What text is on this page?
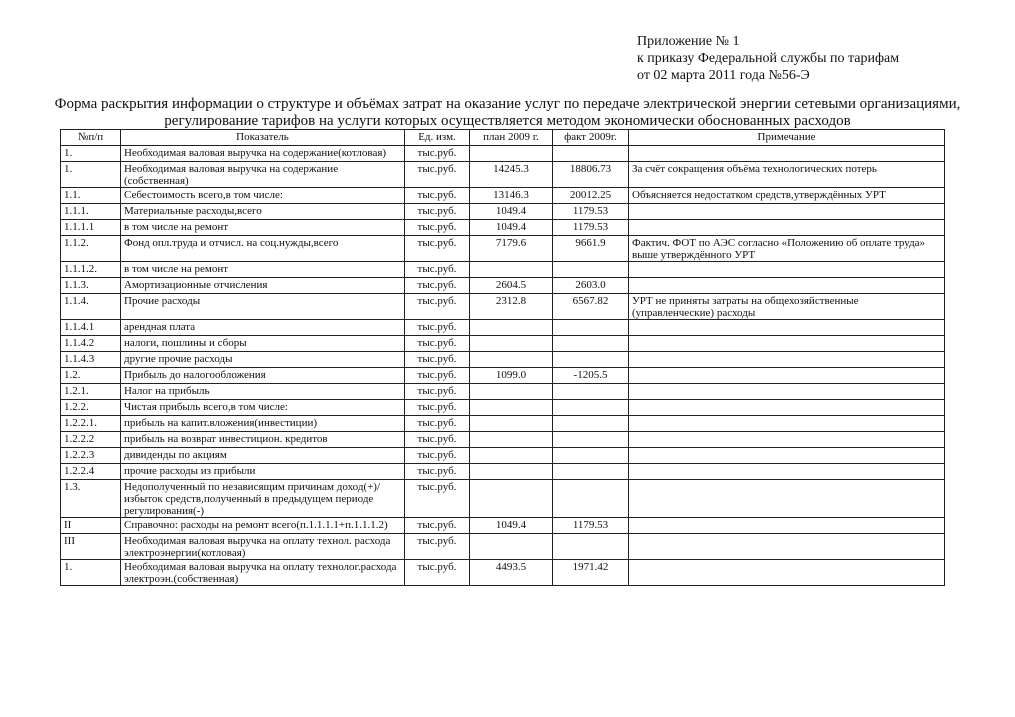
Приложение № 1
к приказу Федеральной службы по тарифам
от 02 марта 2011 года №56-Э
Форма раскрытия информации о структуре и объёмах затрат на оказание услуг по передаче электрической энергии сетевыми организациями,
регулирование тарифов на услуги которых осуществляется методом экономически обоснованных расходов
№п/п	Показатель	Ед. изм.	план 2009 г.	факт 2009г.	Примечание
1.	Необходимая валовая выручка на содержание(котловая)	тыс.руб.			
1.	Необходимая валовая выручка на содержание (собственная)	тыс.руб.	14245.3	18806.73	За счёт сокращения объёма технологических потерь
1.1.	Себестоимость всего,в том числе:	тыс.руб.	13146.3	20012.25	Объясняется недостатком средств,утверждённых УРТ
1.1.1.	Материальные расходы,всего	тыс.руб.	1049.4	1179.53	
1.1.1.1	в том числе на ремонт	тыс.руб.	1049.4	1179.53	
1.1.2.	Фонд опл.труда и отчисл. на соц.нужды,всего	тыс.руб.	7179.6	9661.9	Фактич. ФОТ по АЭС согласно «Положению об оплате труда» выше утверждённого УРТ
1.1.1.2.	в том числе на ремонт	тыс.руб.			
1.1.3.	Амортизационные отчисления	тыс.руб.	2604.5	2603.0	
1.1.4.	Прочие расходы	тыс.руб.	2312.8	6567.82	УРТ не приняты затраты на общехозяйственные (управленческие) расходы
1.1.4.1	арендная плата	тыс.руб.			
1.1.4.2	налоги, пошлины и сборы	тыс.руб.			
1.1.4.3	другие прочие расходы	тыс.руб.			
1.2.	Прибыль до налогообложения	тыс.руб.	1099.0	-1205.5	
1.2.1.	Налог на прибыль	тыс.руб.			
1.2.2.	Чистая прибыль всего,в том числе:	тыс.руб.			
1.2.2.1.	прибыль на капит.вложения(инвестиции)	тыс.руб.			
1.2.2.2	прибыль на возврат инвестицион. кредитов	тыс.руб.			
1.2.2.3	дивиденды по акциям	тыс.руб.			
1.2.2.4	прочие расходы из прибыли	тыс.руб.			
1.3.	Недополученный по независящим причинам доход(+)/избыток средств,полученный в предыдущем периоде регулирования(-)	тыс.руб.			
II	Справочно: расходы на ремонт всего(п.1.1.1.1+п.1.1.1.2)	тыс.руб.	1049.4	1179.53	
III	Необходимая валовая выручка на оплату технол. расхода электроэнергии(котловая)	тыс.руб.			
1.	Необходимая валовая выручка на оплату технолог.расхода электроэн.(собственная)	тыс.руб.	4493.5	1971.42	
